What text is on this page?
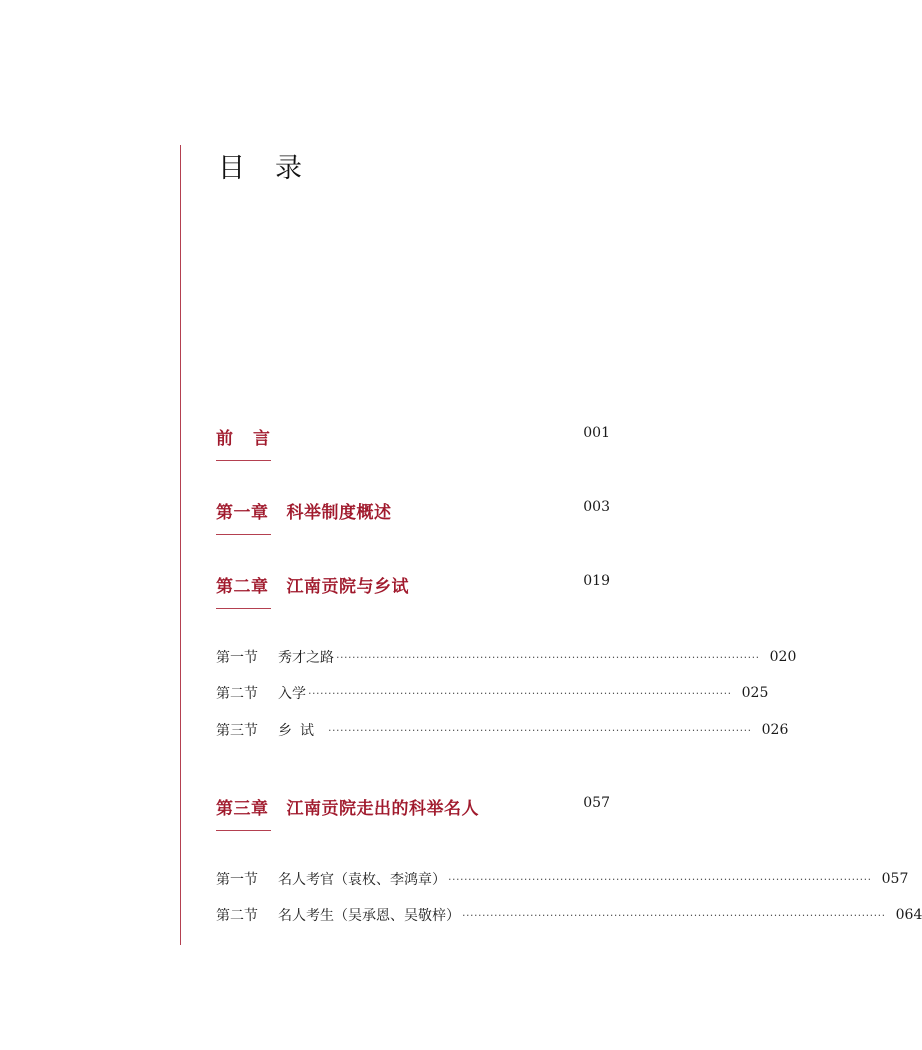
目录
前言	001
第一章 科举制度概述	003
第二章 江南贡院与乡试	019
第一节	秀才之路 ·········································································································· 020
第二节	入学 ·········································································································· 025
第三节	乡试 ·········································································································· 026
第三章 江南贡院走出的科举名人	057
第一节	名人考官（袁枚、李鸿章） ·········································································································· 057
第二节	名人考生（吴承恩、吴敬梓） ·········································································································· 064
